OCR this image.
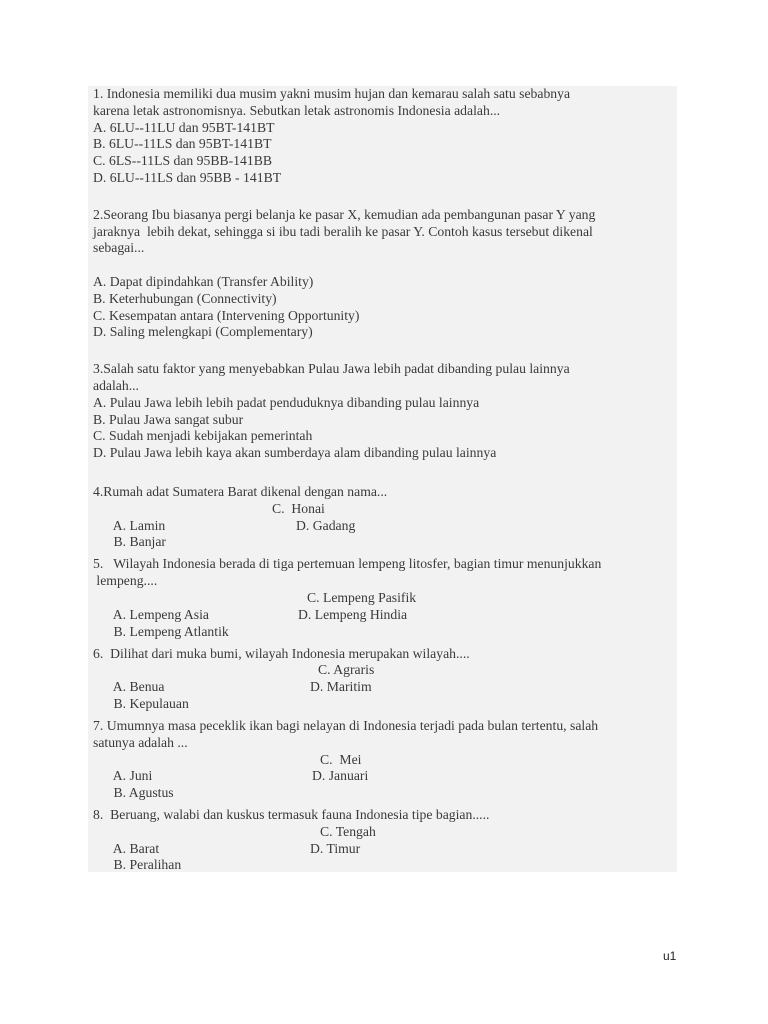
1. Indonesia memiliki dua musim yakni musim hujan dan kemarau salah satu sebabnya
karena letak astronomisnya. Sebutkan letak astronomis Indonesia adalah...
A. 6LU--11LU dan 95BT-141BT
B. 6LU--11LS dan 95BT-141BT
C. 6LS--11LS dan 95BB-141BB
D. 6LU--11LS dan 95BB - 141BT
2.Seorang Ibu biasanya pergi belanja ke pasar X, kemudian ada pembangunan pasar Y yang
jaraknya  lebih dekat, sehingga si ibu tadi beralih ke pasar Y. Contoh kasus tersebut dikenal
sebagai...
A. Dapat dipindahkan (Transfer Ability)
B. Keterhubungan (Connectivity)
C. Kesempatan antara (Intervening Opportunity)
D. Saling melengkapi (Complementary)
3.Salah satu faktor yang menyebabkan Pulau Jawa lebih padat dibanding pulau lainnya
adalah...
A. Pulau Jawa lebih lebih padat penduduknya dibanding pulau lainnya
B. Pulau Jawa sangat subur
C. Sudah menjadi kebijakan pemerintah
D. Pulau Jawa lebih kaya akan sumberdaya alam dibanding pulau lainnya
4.Rumah adat Sumatera Barat dikenal dengan nama...

A. Lamin

C.  Honai

B. Banjar

D. Gadang

5.   Wilayah Indonesia berada di tiga pertemuan lempeng litosfer, bagian timur menunjukkan
lempeng....

A. Lempeng Asia

C. Lempeng Pasifik

B. Lempeng Atlantik

D. Lempeng Hindia

6.  Dilihat dari muka bumi, wilayah Indonesia merupakan wilayah....

A. Benua

C. Agraris

B. Kepulauan

D. Maritim

7. Umumnya masa peceklik ikan bagi nelayan di Indonesia terjadi pada bulan tertentu, salah
satunya adalah ...

A. Juni

C.  Mei

B. Agustus

D. Januari

8.  Beruang, walabi dan kuskus termasuk fauna Indonesia tipe bagian.....

A. Barat

C. Tengah

B. Peralihan

D. Timur

u1
